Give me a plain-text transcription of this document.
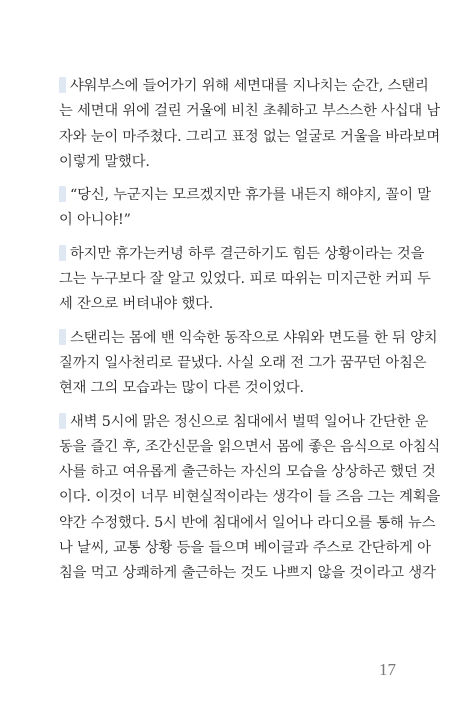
샤워부스에 들어가기 위해 세면대를 지나치는 순간, 스탠리
는 세면대 위에 걸린 거울에 비친 초췌하고 부스스한 사십대 남
자와 눈이 마주쳤다. 그리고 표정 없는 얼굴로 거울을 바라보며
이렇게 말했다.
“당신, 누군지는 모르겠지만 휴가를 내든지 해야지, 꼴이 말
이 아니야!”
하지만 휴가는커녕 하루 결근하기도 힘든 상황이라는 것을
그는 누구보다 잘 알고 있었다. 피로 따위는 미지근한 커피 두
세 잔으로 버텨내야 했다.
스탠리는 몸에 밴 익숙한 동작으로 샤워와 면도를 한 뒤 양치
질까지 일사천리로 끝냈다. 사실 오래 전 그가 꿈꾸던 아침은
현재 그의 모습과는 많이 다른 것이었다.
새벽 5시에 맑은 정신으로 침대에서 벌떡 일어나 간단한 운
동을 즐긴 후, 조간신문을 읽으면서 몸에 좋은 음식으로 아침식
사를 하고 여유롭게 출근하는 자신의 모습을 상상하곤 했던 것
이다. 이것이 너무 비현실적이라는 생각이 들 즈음 그는 계획을
약간 수정했다. 5시 반에 침대에서 일어나 라디오를 통해 뉴스
나 날씨, 교통 상황 등을 들으며 베이글과 주스로 간단하게 아
침을 먹고 상쾌하게 출근하는 것도 나쁘지 않을 것이라고 생각
17
